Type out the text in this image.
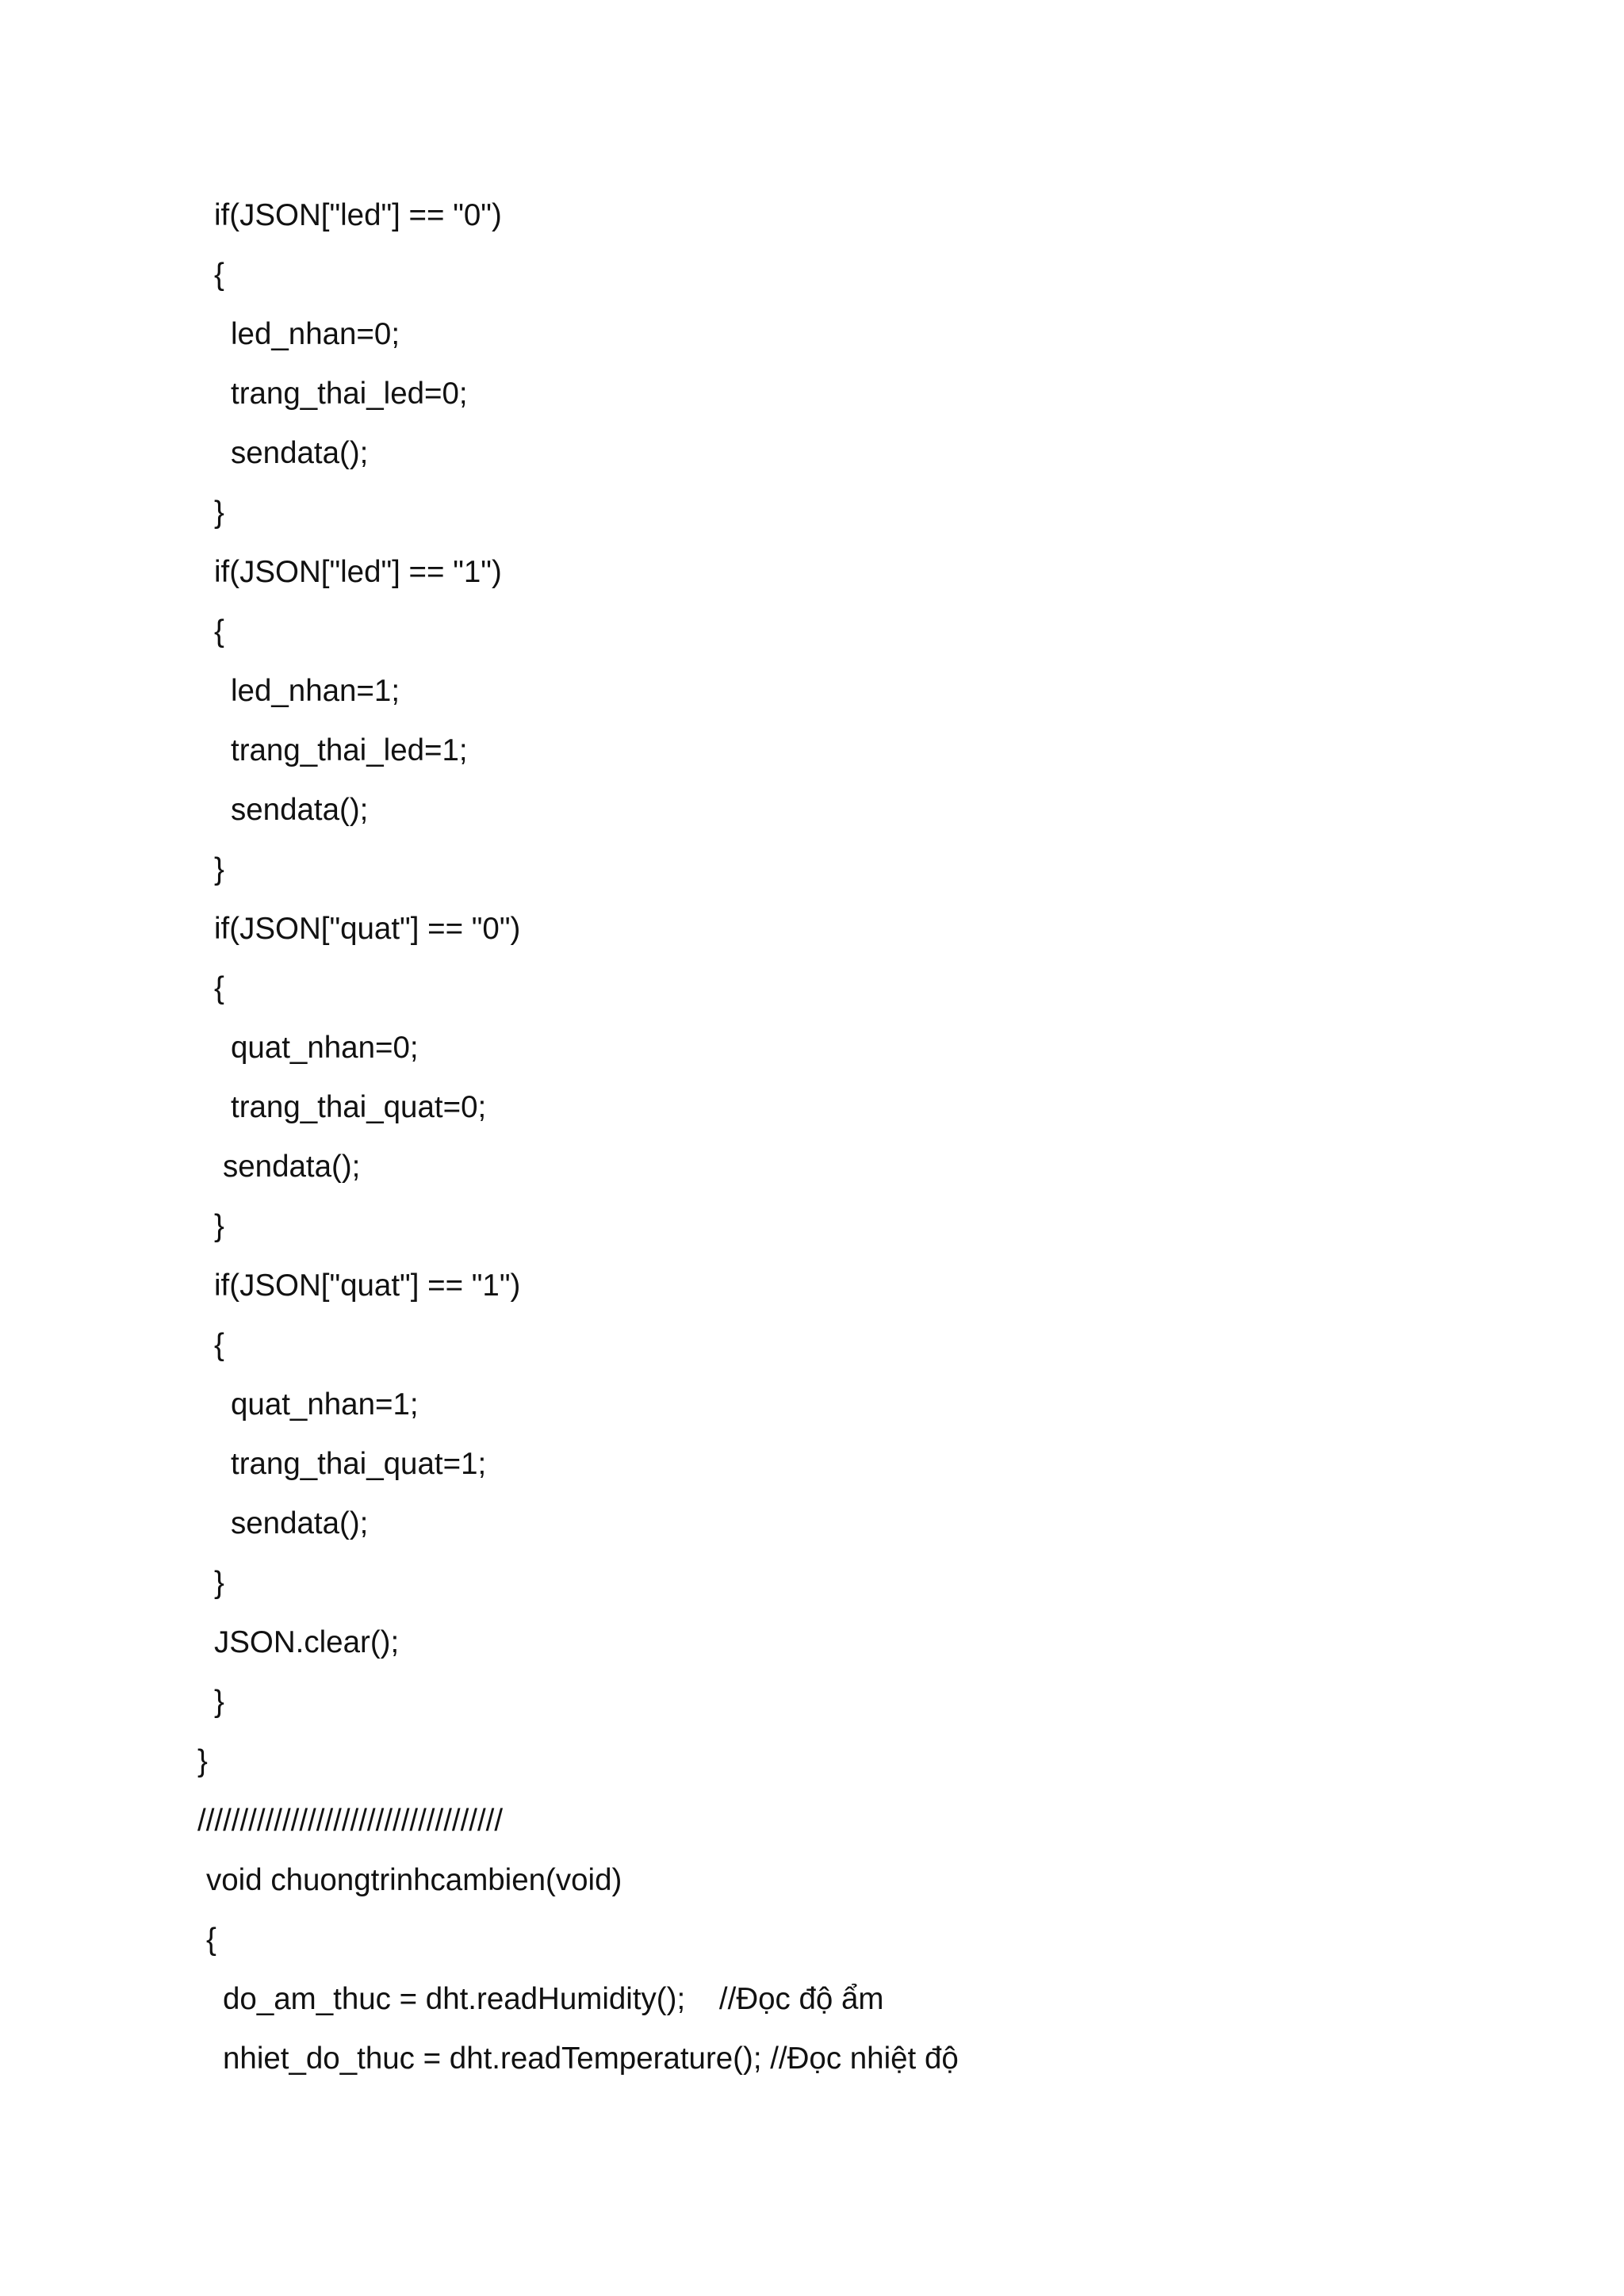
if(JSON["led"] == "0")
{
led_nhan=0;
trang_thai_led=0;
sendata();
}
if(JSON["led"] == "1")
{
led_nhan=1;
trang_thai_led=1;
sendata();
}
if(JSON["quat"] == "0")
{
quat_nhan=0;
trang_thai_quat=0;
sendata();
}
if(JSON["quat"] == "1")
{
quat_nhan=1;
trang_thai_quat=1;
sendata();
}
JSON.clear();
}
}
////////////////////////////////////
void chuongtrinhcambien(void)
{
do_am_thuc = dht.readHumidity();    //Đọc độ ẩm
nhiet_do_thuc = dht.readTemperature(); //Đọc nhiệt độ
